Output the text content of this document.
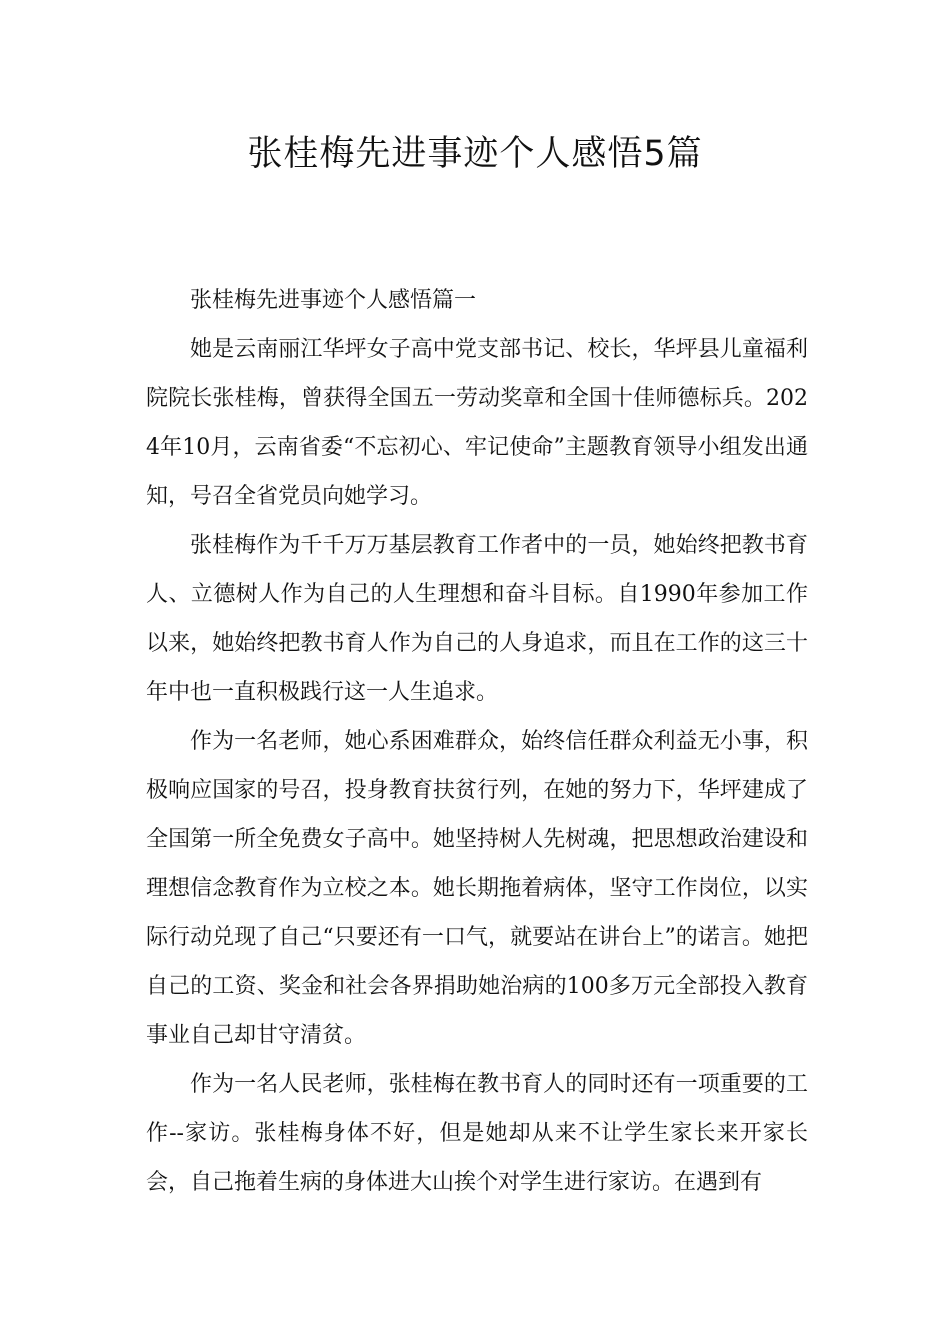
张桂梅先进事迹个人感悟5篇

张桂梅先进事迹个人感悟篇一

她是云南丽江华坪女子高中党支部书记、校长，华坪县儿童福利院院长张桂梅，曾获得全国五一劳动奖章和全国十佳师德标兵。2024年10月，云南省委“不忘初心、牢记使命”主题教育领导小组发出通知，号召全省党员向她学习。

张桂梅作为千千万万基层教育工作者中的一员，她始终把教书育人、立德树人作为自己的人生理想和奋斗目标。自1990年参加工作以来，她始终把教书育人作为自己的人身追求，而且在工作的这三十年中也一直积极践行这一人生追求。

作为一名老师，她心系困难群众，始终信任群众利益无小事，积极响应国家的号召，投身教育扶贫行列，在她的努力下，华坪建成了全国第一所全免费女子高中。她坚持树人先树魂，把思想政治建设和理想信念教育作为立校之本。她长期拖着病体，坚守工作岗位，以实际行动兑现了自己“只要还有一口气，就要站在讲台上”的诺言。她把自己的工资、奖金和社会各界捐助她治病的100多万元全部投入教育事业自己却甘守清贫。

作为一名人民老师，张桂梅在教书育人的同时还有一项重要的工作--家访。张桂梅身体不好，但是她却从来不让学生家长来开家长会，自己拖着生病的身体进大山挨个对学生进行家访。在遇到有
